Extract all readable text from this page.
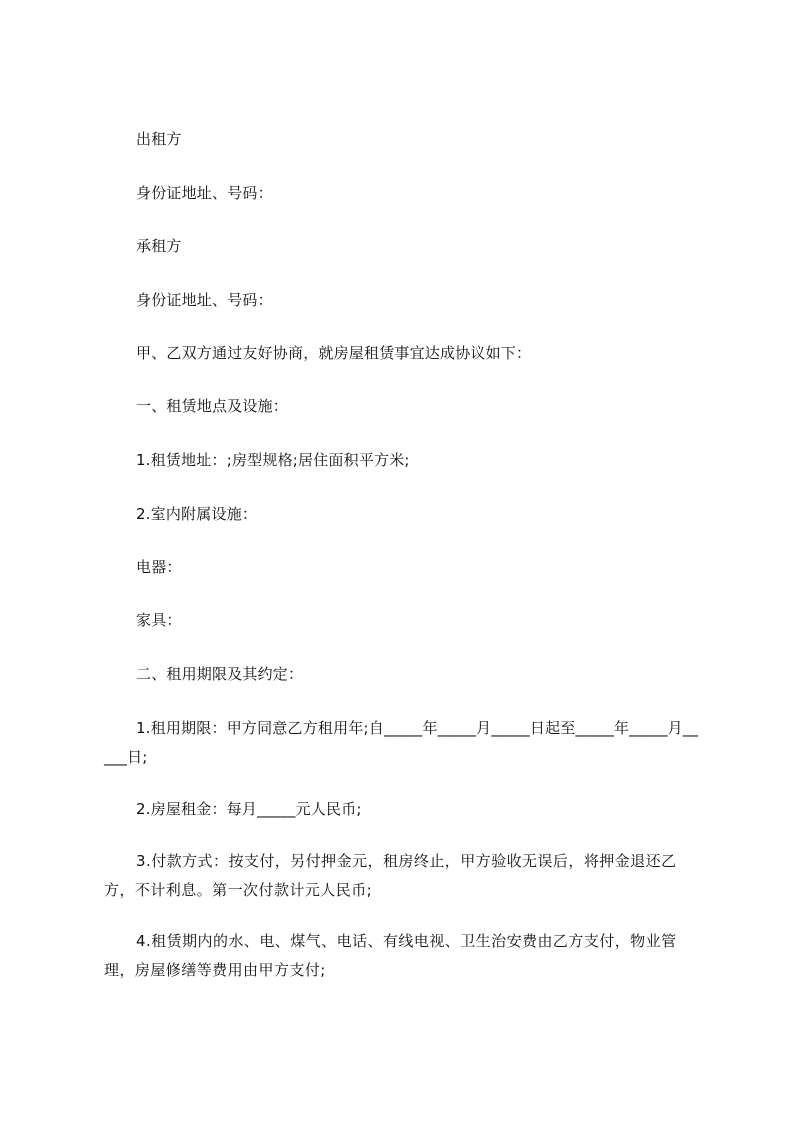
出租方

身份证地址、号码：

承租方

身份证地址、号码：

甲、乙双方通过友好协商，就房屋租赁事宜达成协议如下：

一、租赁地点及设施：

1.租赁地址：;房型规格;居住面积平方米;

2.室内附属设施：

电器：

家具：

二、租用期限及其约定：

1.租用期限：甲方同意乙方租用年;自_____年_____月_____日起至_____年_____月_____日;

2.房屋租金：每月_____元人民币;

3.付款方式：按支付，另付押金元，租房终止，甲方验收无误后，将押金退还乙方，不计利息。第一次付款计元人民币;

4.租赁期内的水、电、煤气、电话、有线电视、卫生治安费由乙方支付，物业管理，房屋修缮等费用由甲方支付;
